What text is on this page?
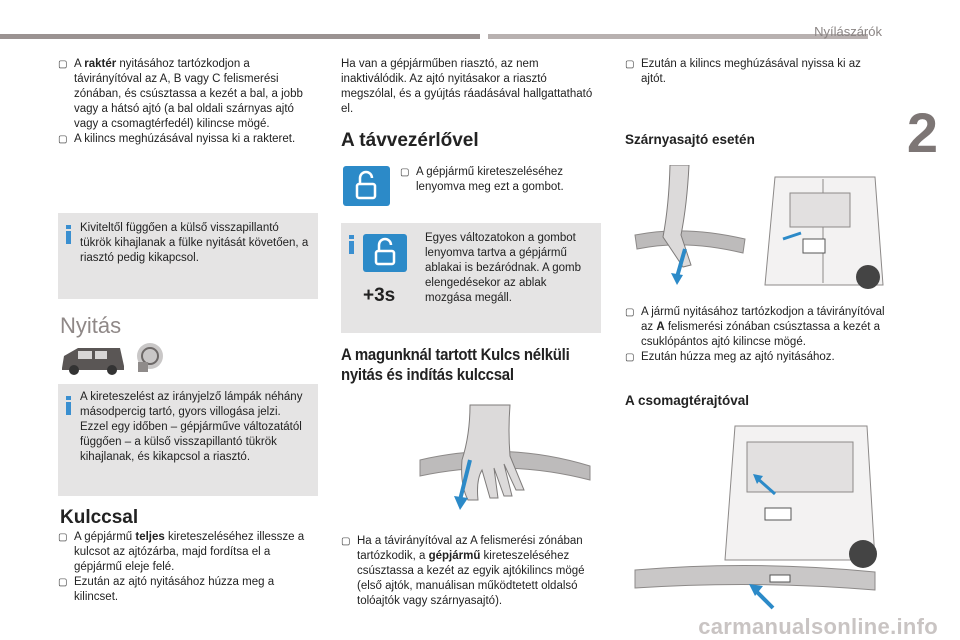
Nyílászárók
2
▢ A raktér nyitásához tartózkodjon a távirányítóval az A, B vagy C felismerési zónában, és csúsztassa a kezét a bal, a jobb vagy a hátsó ajtó (a bal oldali szárnyas ajtó vagy a csomagtérfedél) kilincse mögé.
▢ A kilincs meghúzásával nyissa ki a rakteret.
Kiviteltől függően a külső visszapillantó tükrök kihajlanak a fülke nyitását követően, a riasztó pedig kikapcsol.
Nyitás
A kireteszelést az irányjelző lámpák néhány másodpercig tartó, gyors villogása jelzi.
Ezzel egy időben – gépjárműve változatától függően – a külső visszapillantó tükrök kihajlanak, és kikapcsol a riasztó.
Kulccsal
▢ A gépjármű teljes kireteszeléséhez illessze a kulcsot az ajtózárba, majd fordítsa el a gépjármű eleje felé.
▢ Ezután az ajtó nyitásához húzza meg a kilincset.
Ha van a gépjárműben riasztó, az nem inaktiválódik. Az ajtó nyitásakor a riasztó megszólal, és a gyújtás ráadásával hallgattatható el.
A távvezérlővel
▢ A gépjármű kireteszeléséhez lenyomva meg ezt a gombot.
+3s
Egyes változatokon a gombot lenyomva tartva a gépjármű ablakai is bezáródnak. A gomb elengedésekor az ablak mozgása megáll.
A magunknál tartott Kulcs nélküli nyitás és indítás kulccsal
▢ Ha a távirányítóval az A felismerési zónában tartózkodik, a gépjármű kireteszeléséhez csúsztassa a kezét az egyik ajtókilincs mögé (első ajtók, manuálisan működtetett oldalsó tolóajtók vagy szárnyasajtó).
▢ Ezután a kilincs meghúzásával nyissa ki az ajtót.
Szárnyasajtó esetén
▢ A jármű nyitásához tartózkodjon a távirányítóval az A felismerési zónában csúsztassa a kezét a csuklópántos ajtó kilincse mögé.
▢ Ezután húzza meg az ajtó nyitásához.
A csomagtérajtóval
carmanualsonline.info
